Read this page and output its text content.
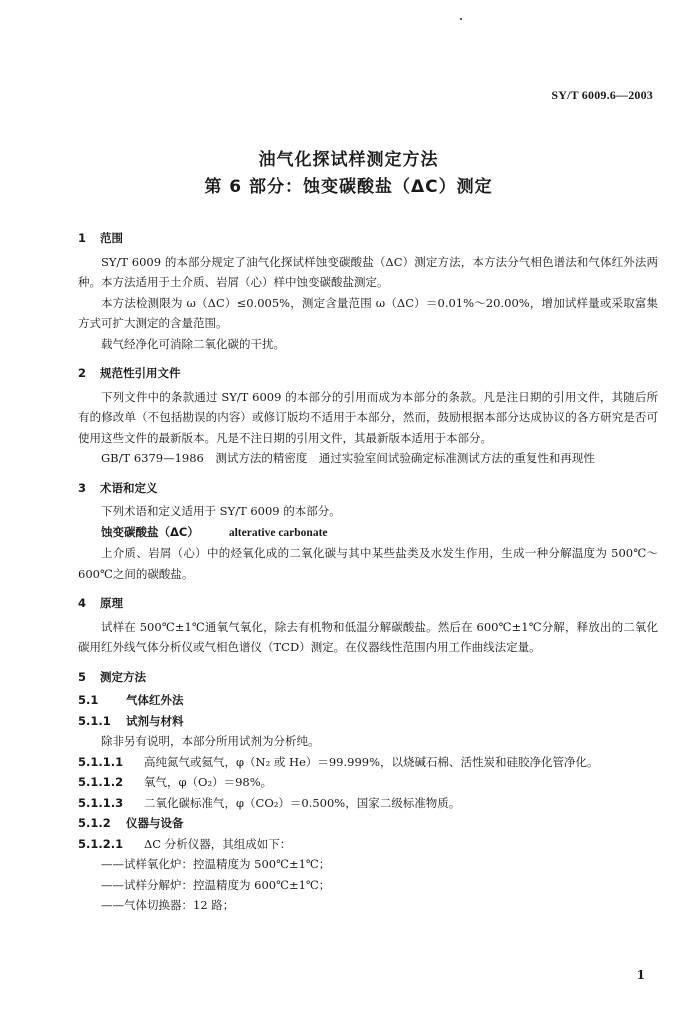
SY/T 6009.6—2003
油气化探试样测定方法
第 6 部分：蚀变碳酸盐（ΔC）测定
1	范围

SY/T 6009 的本部分规定了油气化探试样蚀变碳酸盐（ΔC）测定方法，本方法分气相色谱法和气体红外法两种。本方法适用于土介质、岩屑（心）样中蚀变碳酸盐测定。

本方法检测限为 ω（ΔC）≤0.005%，测定含量范围 ω（ΔC）＝0.01%～20.00%，增加试样量或采取富集方式可扩大测定的含量范围。

载气经净化可消除二氧化碳的干扰。

2	规范性引用文件

下列文件中的条款通过 SY/T 6009 的本部分的引用而成为本部分的条款。凡是注日期的引用文件，其随后所有的修改单（不包括勘误的内容）或修订版均不适用于本部分，然而，鼓励根据本部分达成协议的各方研究是否可使用这些文件的最新版本。凡是不注日期的引用文件，其最新版本适用于本部分。

GB/T 6379—1986　测试方法的精密度　通过实验室间试验确定标准测试方法的重复性和再现性

3	术语和定义

下列术语和定义适用于 SY/T 6009 的本部分。

蚀变碳酸盐（ΔC）	alterative carbonate

上介质、岩屑（心）中的烃氧化成的二氧化碳与其中某些盐类及水发生作用，生成一种分解温度为 500℃～600℃之间的碳酸盐。

4	原理

试样在 500℃±1℃通氧气氧化，除去有机物和低温分解碳酸盐。然后在 600℃±1℃分解，释放出的二氧化碳用红外线气体分析仪或气相色谱仪（TCD）测定。在仪器线性范围内用工作曲线法定量。

5	测定方法
5.1	气体红外法
5.1.1	试剂与材料

除非另有说明，本部分所用试剂为分析纯。

5.1.1.1	高纯氮气或氦气，φ（N₂ 或 He）＝99.999%，以烧碱石棉、活性炭和硅胶净化管净化。
5.1.1.2	氧气，φ（O₂）＝98%。
5.1.1.3	二氧化碳标准气，φ（CO₂）＝0.500%，国家二级标准物质。
5.1.2	仪器与设备
5.1.2.1	ΔC 分析仪器，其组成如下：
——试样氧化炉：控温精度为 500℃±1℃；
——试样分解炉：控温精度为 600℃±1℃；
——气体切换器：12 路；
1
